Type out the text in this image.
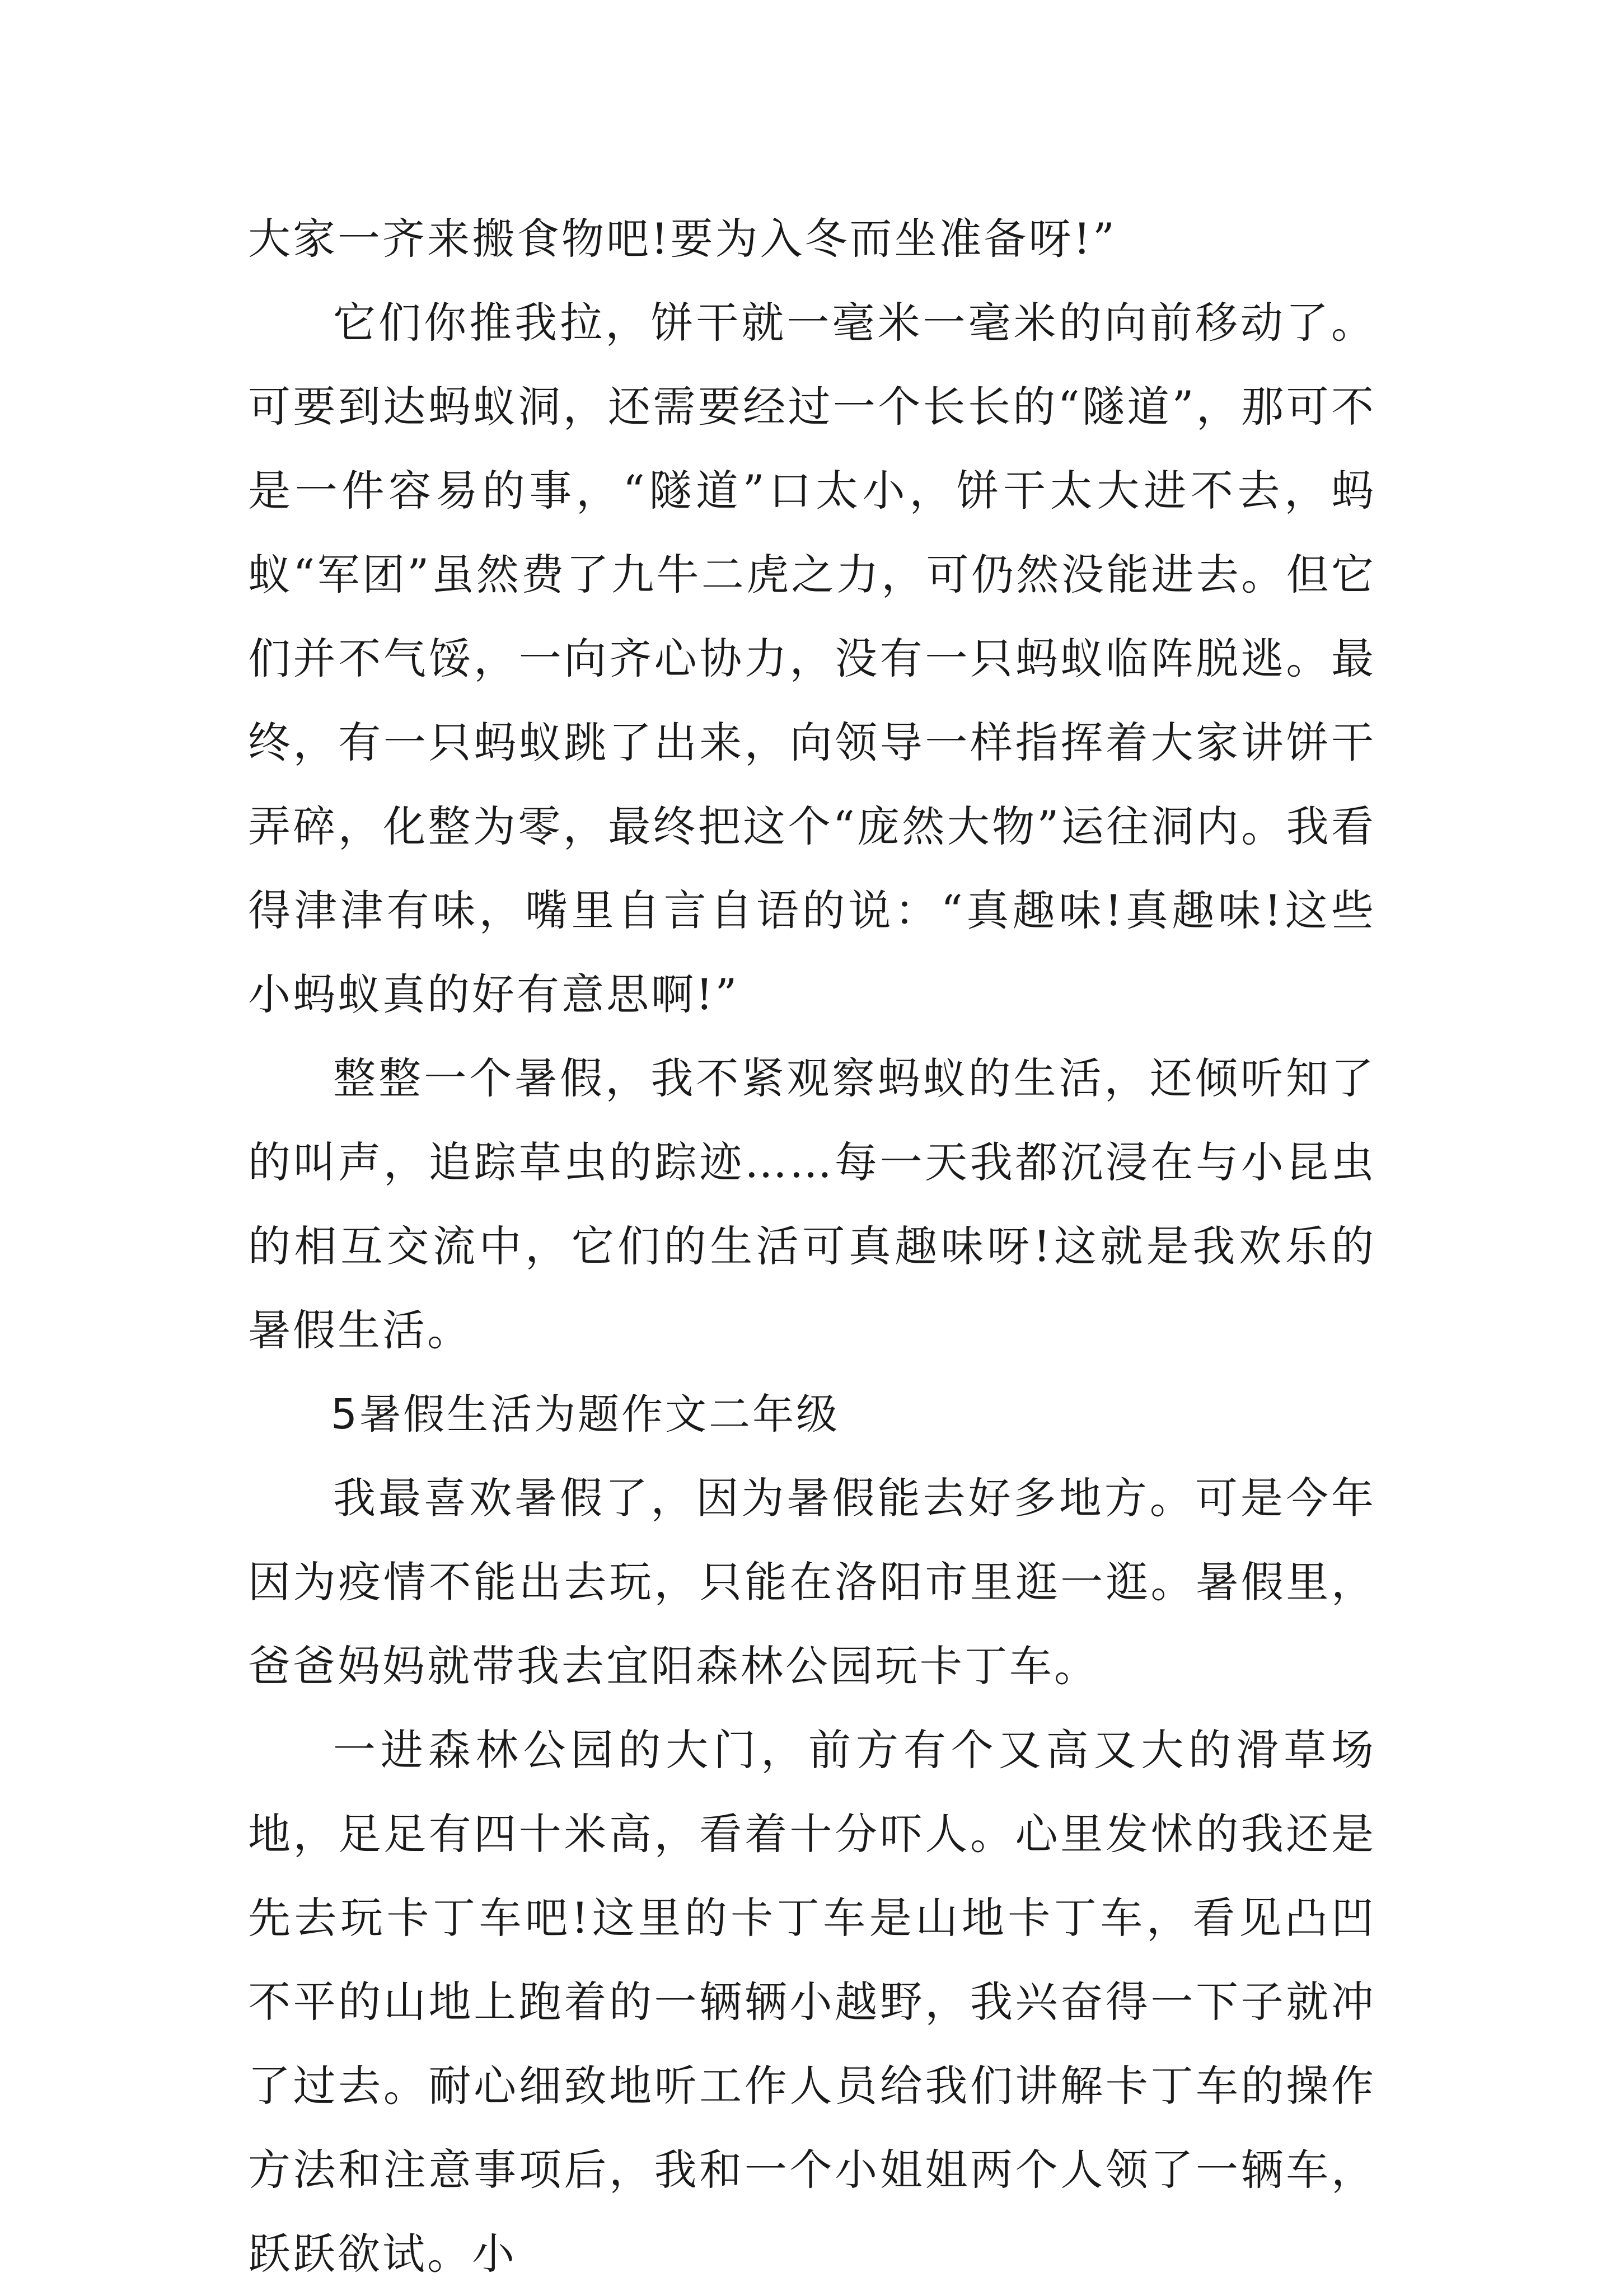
大家一齐来搬食物吧!要为入冬而坐准备呀!”

它们你推我拉，饼干就一毫米一毫米的向前移动了。可要到达蚂蚁洞，还需要经过一个长长的“隧道”，那可不是一件容易的事，“隧道”口太小，饼干太大进不去，蚂蚁“军团”虽然费了九牛二虎之力，可仍然没能进去。但它们并不气馁，一向齐心协力，没有一只蚂蚁临阵脱逃。最终，有一只蚂蚁跳了出来，向领导一样指挥着大家讲饼干弄碎，化整为零，最终把这个“庞然大物”运往洞内。我看得津津有味，嘴里自言自语的说：“真趣味!真趣味!这些小蚂蚁真的好有意思啊!”

整整一个暑假，我不紧观察蚂蚁的生活，还倾听知了的叫声，追踪草虫的踪迹……每一天我都沉浸在与小昆虫的相互交流中，它们的生活可真趣味呀!这就是我欢乐的暑假生活。

5暑假生活为题作文二年级

我最喜欢暑假了，因为暑假能去好多地方。可是今年因为疫情不能出去玩，只能在洛阳市里逛一逛。暑假里，爸爸妈妈就带我去宜阳森林公园玩卡丁车。

一进森林公园的大门，前方有个又高又大的滑草场地，足足有四十米高，看着十分吓人。心里发怵的我还是先去玩卡丁车吧!这里的卡丁车是山地卡丁车，看见凸凹不平的山地上跑着的一辆辆小越野，我兴奋得一下子就冲了过去。耐心细致地听工作人员给我们讲解卡丁车的操作方法和注意事项后，我和一个小姐姐两个人领了一辆车，跃跃欲试。小
